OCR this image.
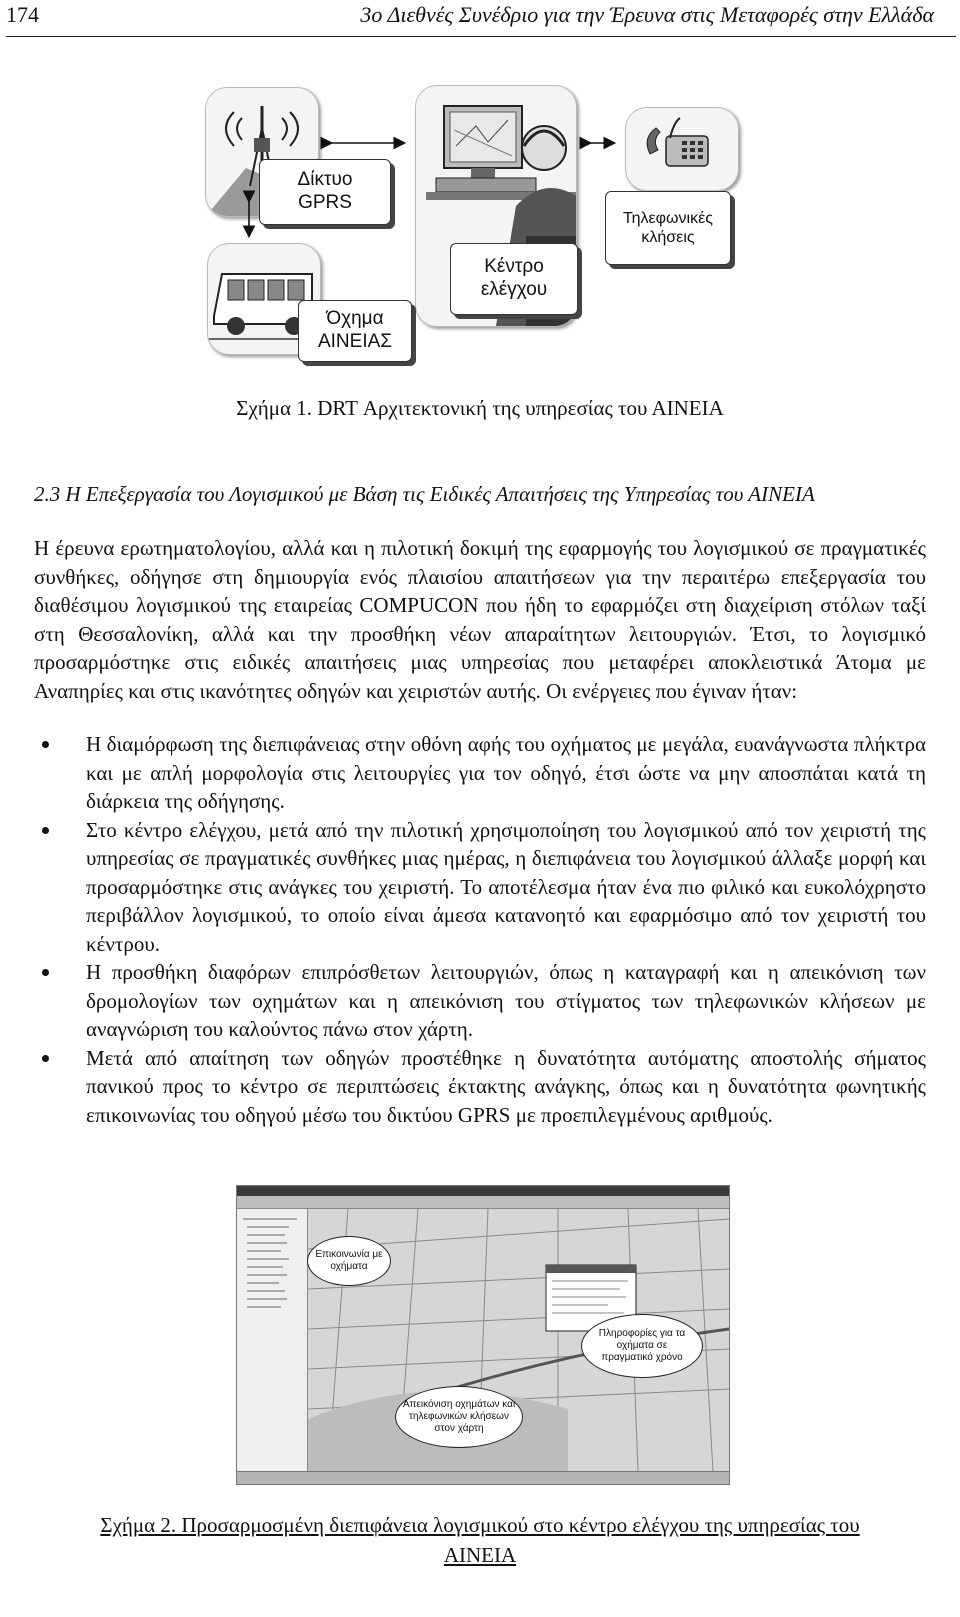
174	3ο Διεθνές Συνέδριο για την Έρευνα στις Μεταφορές στην Ελλάδα
Δίκτυο
GPRS
Τηλεφωνικές
κλήσεις
Κέντρο
ελέγχου
Όχημα
ΑΙΝΕΙΑΣ
Σχήμα 1. DRT Αρχιτεκτονική της υπηρεσίας του ΑΙΝΕΙΑ
2.3 Η Επεξεργασία του Λογισμικού με Βάση τις Ειδικές Απαιτήσεις της Υπηρεσίας του ΑΙΝΕΙΑ
Η έρευνα ερωτηματολογίου, αλλά και η πιλοτική δοκιμή της εφαρμογής του λογισμικού σε πραγματικές συνθήκες, οδήγησε στη δημιουργία ενός πλαισίου απαιτήσεων για την περαιτέρω επεξεργασία του διαθέσιμου λογισμικού της εταιρείας COMPUCON που ήδη το εφαρμόζει στη διαχείριση στόλων ταξί στη Θεσσαλονίκη, αλλά και την προσθήκη νέων απαραίτητων λειτουργιών. Έτσι, το λογισμικό προσαρμόστηκε στις ειδικές απαιτήσεις μιας υπηρεσίας που μεταφέρει αποκλειστικά Άτομα με Αναπηρίες και στις ικανότητες οδηγών και χειριστών αυτής. Οι ενέργειες που έγιναν ήταν:
Η διαμόρφωση της διεπιφάνειας στην οθόνη αφής του οχήματος με μεγάλα, ευανάγνωστα πλήκτρα και με απλή μορφολογία στις λειτουργίες για τον οδηγό, έτσι ώστε να μην αποσπάται κατά τη διάρκεια της οδήγησης.
Στο κέντρο ελέγχου, μετά από την πιλοτική χρησιμοποίηση του λογισμικού από τον χειριστή της υπηρεσίας σε πραγματικές συνθήκες μιας ημέρας, η διεπιφάνεια του λογισμικού άλλαξε μορφή και προσαρμόστηκε στις ανάγκες του χειριστή. Το αποτέλεσμα ήταν ένα πιο φιλικό και ευκολόχρηστο περιβάλλον λογισμικού, το οποίο είναι άμεσα κατανοητό και εφαρμόσιμο από τον χειριστή του κέντρου.
Η προσθήκη διαφόρων επιπρόσθετων λειτουργιών, όπως η καταγραφή και η απεικόνιση των δρομολογίων των οχημάτων και η απεικόνιση του στίγματος των τηλεφωνικών κλήσεων με αναγνώριση του καλούντος πάνω στον χάρτη.
Μετά από απαίτηση των οδηγών προστέθηκε η δυνατότητα αυτόματης αποστολής σήματος πανικού προς το κέντρο σε περιπτώσεις έκτακτης ανάγκης, όπως και η δυνατότητα φωνητικής επικοινωνίας του οδηγού μέσω του δικτύου GPRS με προεπιλεγμένους αριθμούς.
Επικοινωνία με
οχήματα
Πληροφορίες για τα
οχήματα σε
πραγματικό χρόνο
Απεικόνιση οχημάτων και
τηλεφωνικών κλήσεων
στον χάρτη
Σχήμα 2. Προσαρμοσμένη διεπιφάνεια λογισμικού στο κέντρο ελέγχου της υπηρεσίας του
ΑΙΝΕΙΑ
